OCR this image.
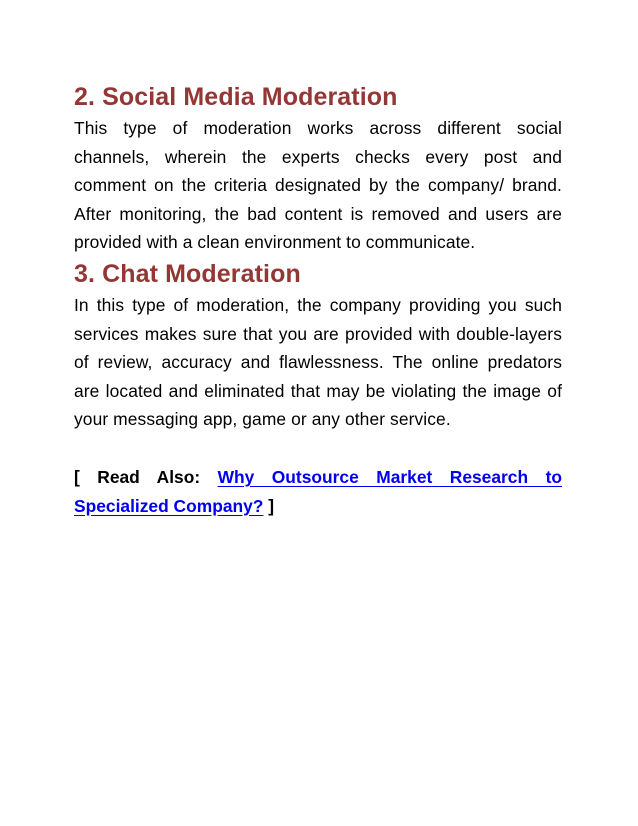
2. Social Media Moderation

This type of moderation works across different social channels, wherein the experts checks every post and comment on the criteria designated by the company/ brand. After monitoring, the bad content is removed and users are provided with a clean environment to communicate.

3. Chat Moderation

In this type of moderation, the company providing you such services makes sure that you are provided with double-layers of review, accuracy and flawlessness. The online predators are located and eliminated that may be violating the image of your messaging app, game or any other service.

[ Read Also: Why Outsource Market Research to Specialized Company? ]
